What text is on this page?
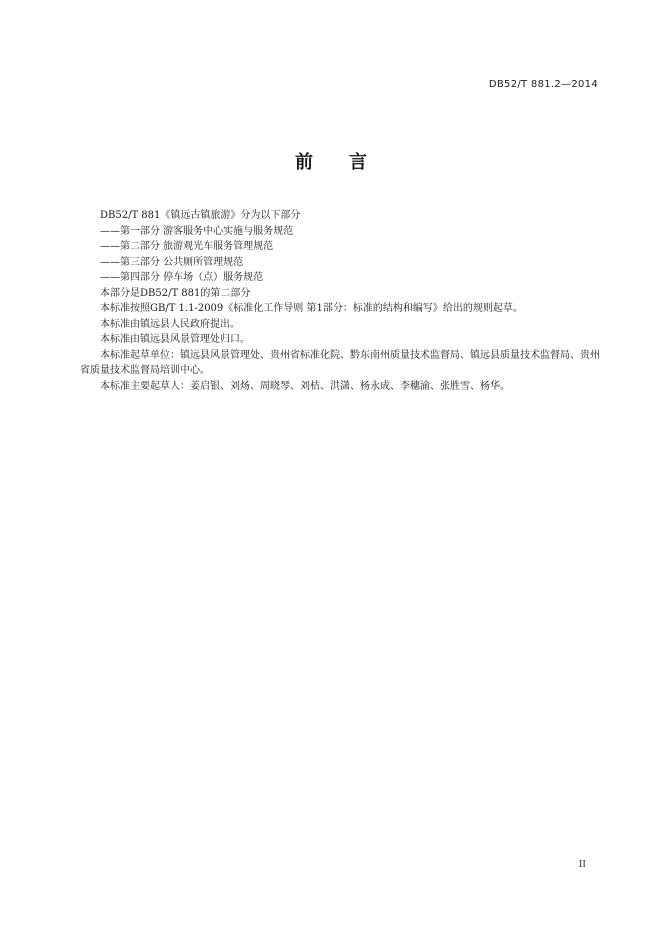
DB52/T 881.2—2014
前言

DB52/T 881《镇远古镇旅游》分为以下部分

——第一部分 游客服务中心实施与服务规范

——第二部分 旅游观光车服务管理规范

——第三部分 公共厕所管理规范

——第四部分 停车场（点）服务规范

本部分是DB52/T 881的第二部分

本标准按照GB/T 1.1-2009《标准化工作导则 第1部分：标准的结构和编写》给出的规则起草。

本标准由镇远县人民政府提出。

本标准由镇远县风景管理处归口。

本标准起草单位：镇远县风景管理处、贵州省标准化院、黔东南州质量技术监督局、镇远县质量技术监督局、贵州省质量技术监督局培训中心。

本标准主要起草人：姜启银、刘炀、周晓琴、刘桔、洪潇、杨永成、李穗渝、张胜雪、杨华。

II
